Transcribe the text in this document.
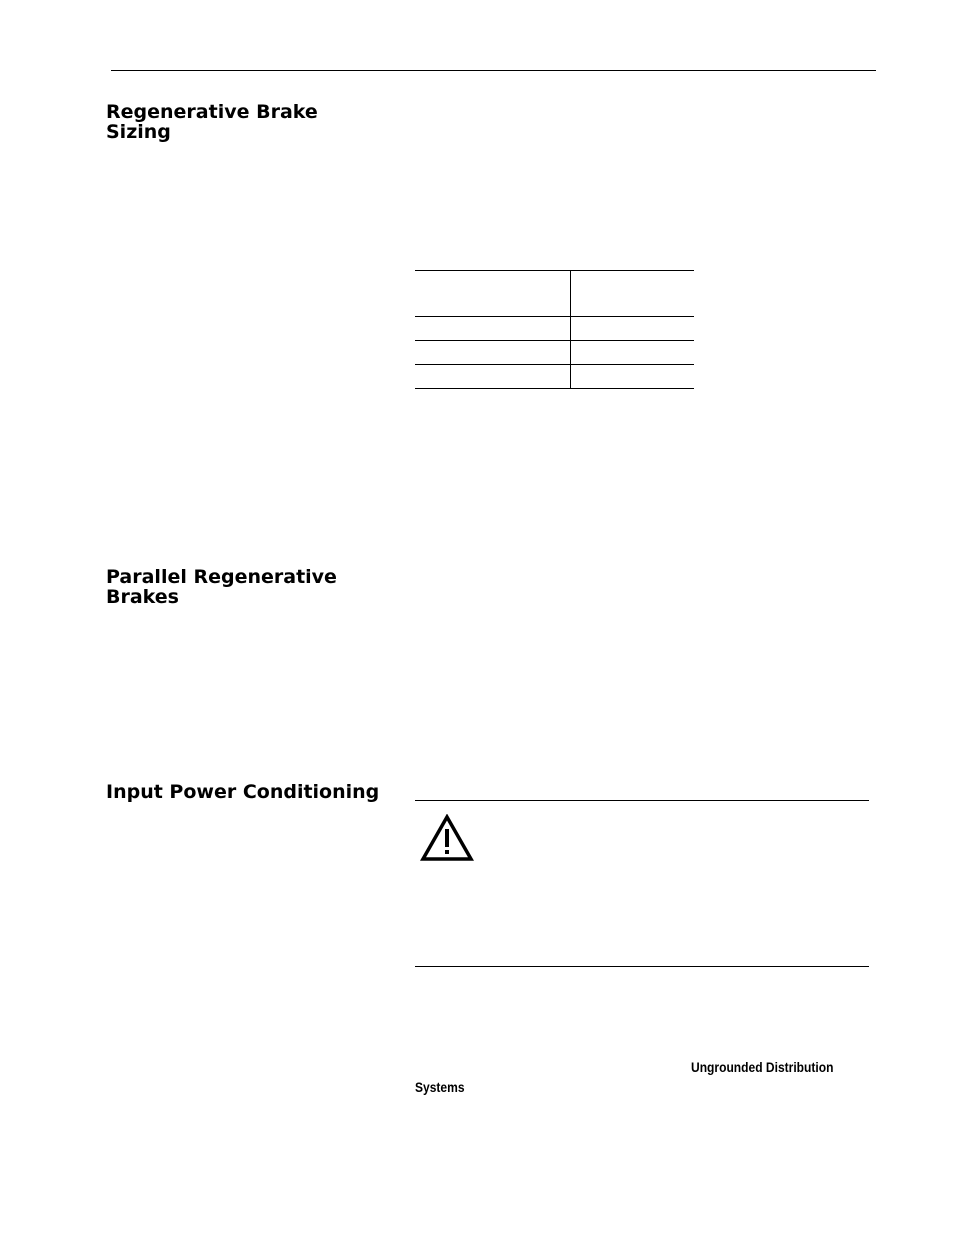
Regenerative Brake Sizing

Parallel Regenerative Brakes
Input Power Conditioning

Ungrounded Distribution

Systems
